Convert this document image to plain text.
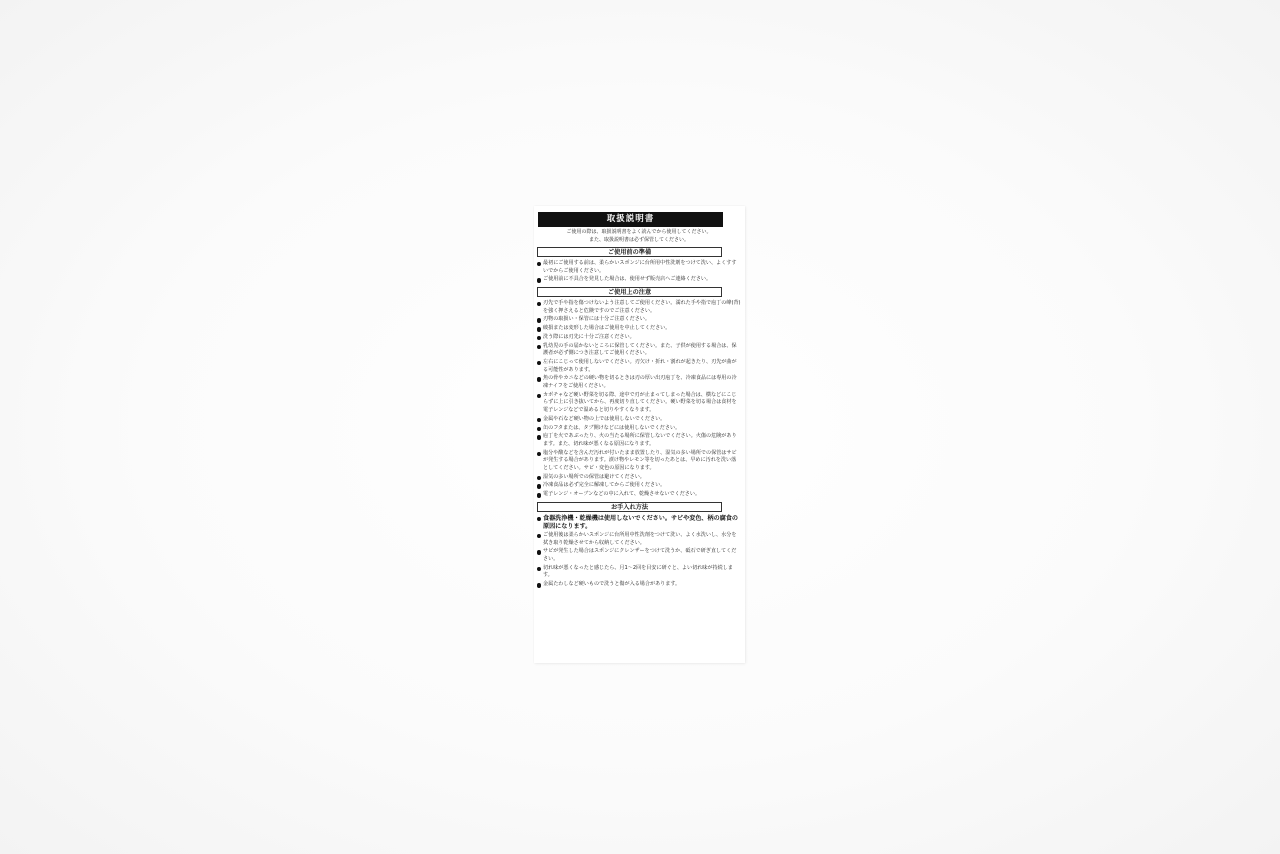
取扱説明書
ご使用の際は、取扱説明書をよく読んでから使用してください。
また、取扱説明書は必ず保管してください。
ご使用前の準備
最初にご使用する前は、柔らかいスポンジに台所用中性洗剤をつけて洗い、よくすすいでからご使用ください。
ご使用前に不具合を発見した場合は、使用せず販売店へご連絡ください。
ご使用上の注意
刃先で手や指を傷つけないよう注意してご使用ください。濡れた手や指で庖丁の峰(背)を強く押さえると危険ですのでご注意ください。
刃物の取扱い・保管には十分ご注意ください。
破損または変形した場合はご使用を中止してください。
洗う際には刃先に十分ご注意ください。
乳幼児の手の届かないところに保管してください。また、子供が使用する場合は、保護者が必ず側につき注意してご使用ください。
左右にこじって使用しないでください。刃欠け・折れ・割れが起きたり、刃先が曲がる可能性があります。
魚の骨やカニなどの硬い物を切るときは刃の厚い出刃庖丁を、冷凍食品には専用の冷凍ナイフをご使用ください。
カボチャなど硬い野菜を切る際、途中で刃が止まってしまった場合は、横などにこじらずに上に引き抜いてから、再度切り直してください。硬い野菜を切る場合は食材を電子レンジなどで温めると切りやすくなります。
金属や石など硬い物の上では使用しないでください。
缶のフタまたは、タブ開けなどには使用しないでください。
庖丁を火であぶったり、火の当たる場所に保管しないでください。火傷の危険があります。また、切れ味が悪くなる原因になります。
塩分や酸などを含んだ汚れが付いたまま放置したり、湿気の多い場所での保管はサビが発生する場合があります。漬け物やレモン等を切ったあとは、早めに汚れを洗い落としてください。サビ・変色の原因になります。
湿気の多い場所での保管は避けてください。
冷凍食品は必ず完全に解凍してからご使用ください。
電子レンジ・オーブンなどの中に入れて、乾燥させないでください。
お手入れ方法
食器洗浄機・乾燥機は使用しないでください。サビや変色、柄の腐食の原因になります。
ご使用後は柔らかいスポンジに台所用中性洗剤をつけて洗い、よく水洗いし、水分を拭き取り乾燥させてから収納してください。
サビが発生した場合はスポンジにクレンザーをつけて洗うか、砥石で研ぎ直してください。
切れ味が悪くなったと感じたら、月1〜2回を目安に研ぐと、よい切れ味が持続します。
金属たわしなど硬いもので洗うと傷が入る場合があります。
